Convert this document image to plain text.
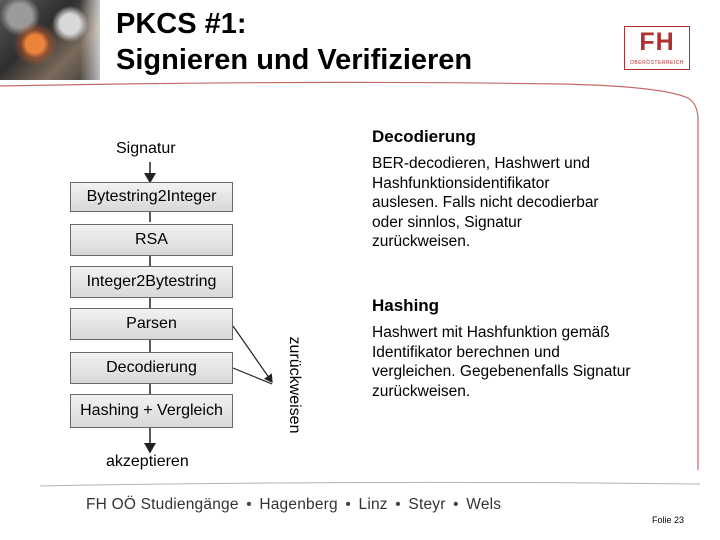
PKCS #1:
Signieren und Verifizieren
FH
OBERÖSTERREICH
Signatur
Bytestring2Integer
RSA
Integer2Bytestring
Parsen
Decodierung
Hashing + Vergleich	zurückweisen
akzeptieren
Decodierung
BER-decodieren, Hashwert und
Hashfunktionsidentifikator
auslesen. Falls nicht decodierbar
oder sinnlos, Signatur
zurückweisen.
Hashing
Hashwert mit Hashfunktion gemäß
Identifikator berechnen und
vergleichen. Gegebenenfalls Signatur
zurückweisen.
FH OÖ Studiengänge • Hagenberg • Linz • Steyr • Wels
Folie 23
